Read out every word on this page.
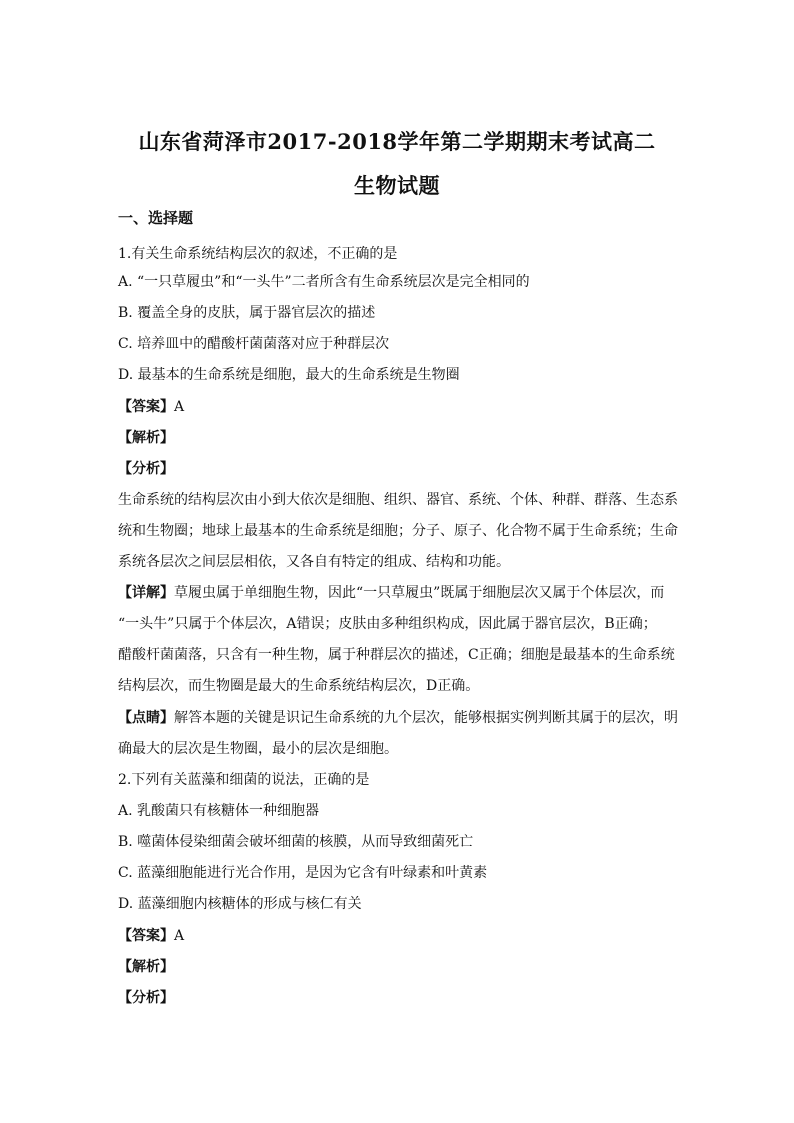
山东省菏泽市2017-2018学年第二学期期末考试高二
生物试题
一、选择题
1.有关生命系统结构层次的叙述，不正确的是
A. “一只草履虫”和“一头牛”二者所含有生命系统层次是完全相同的
B. 覆盖全身的皮肤，属于器官层次的描述
C. 培养皿中的醋酸杆菌菌落对应于种群层次
D. 最基本的生命系统是细胞，最大的生命系统是生物圈
【答案】A
【解析】
【分析】
生命系统的结构层次由小到大依次是细胞、组织、器官、系统、个体、种群、群落、生态系
统和生物圈；地球上最基本的生命系统是细胞；分子、原子、化合物不属于生命系统；生命
系统各层次之间层层相依，又各自有特定的组成、结构和功能。
【详解】草履虫属于单细胞生物，因此“一只草履虫”既属于细胞层次又属于个体层次，而
“一头牛”只属于个体层次，A错误；皮肤由多种组织构成，因此属于器官层次，B正确；
醋酸杆菌菌落，只含有一种生物，属于种群层次的描述，C正确；细胞是最基本的生命系统
结构层次，而生物圈是最大的生命系统结构层次，D正确。
【点睛】解答本题的关键是识记生命系统的九个层次，能够根据实例判断其属于的层次，明
确最大的层次是生物圈，最小的层次是细胞。
2.下列有关蓝藻和细菌的说法，正确的是
A. 乳酸菌只有核糖体一种细胞器
B. 噬菌体侵染细菌会破坏细菌的核膜，从而导致细菌死亡
C. 蓝藻细胞能进行光合作用，是因为它含有叶绿素和叶黄素
D. 蓝藻细胞内核糖体的形成与核仁有关
【答案】A
【解析】
【分析】
